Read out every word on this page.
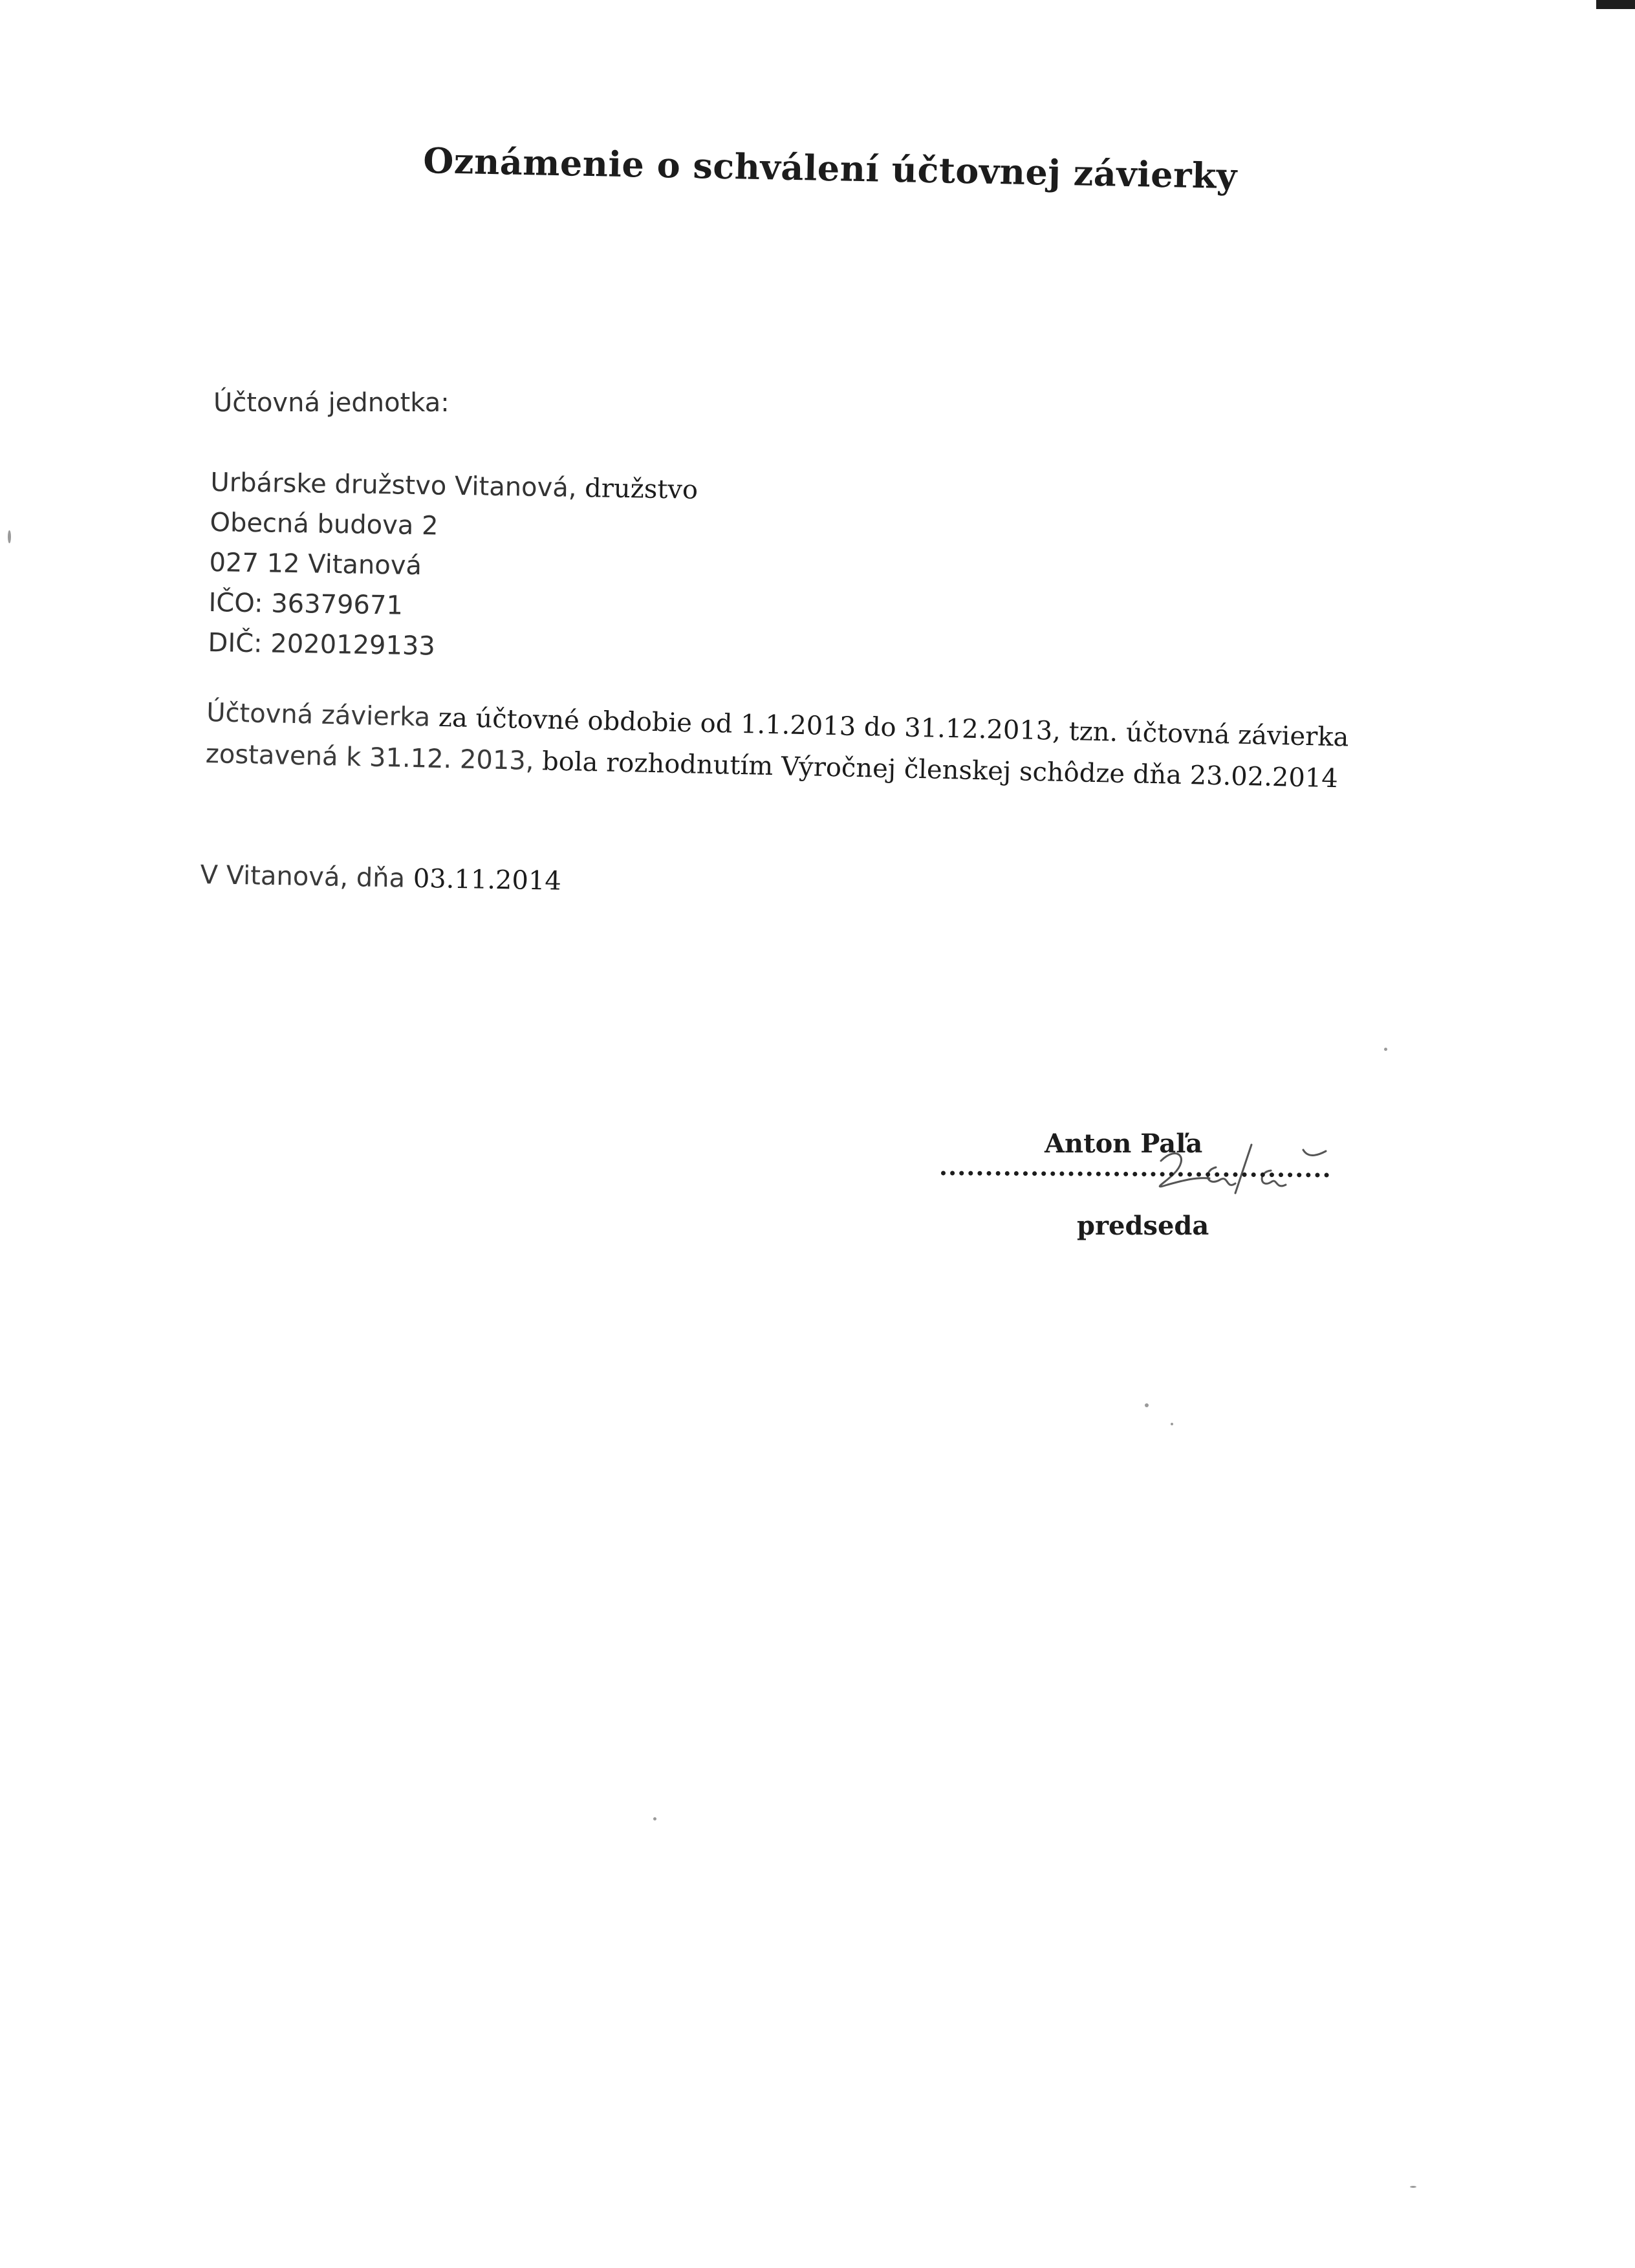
Oznámenie o schválení účtovnej závierky
Účtovná jednotka:
Urbárske družstvo Vitanová, družstvo
Obecná budova 2
027 12 Vitanová
IČO: 36379671
DIČ: 2020129133
Účtovná závierka za účtovné obdobie od 1.1.2013 do 31.12.2013, tzn. účtovná závierka
zostavená k 31.12. 2013, bola rozhodnutím Výročnej členskej schôdze dňa 23.02.2014
V Vitanová, dňa 03.11.2014
Anton Paľa
predseda
